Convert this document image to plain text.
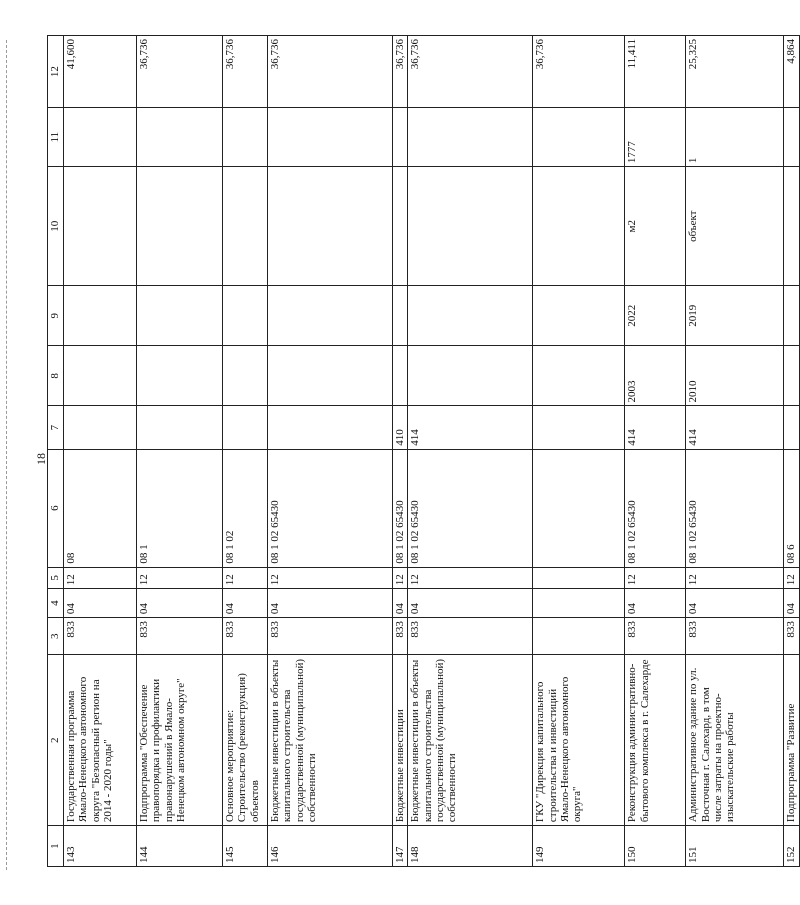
18
1	2	3	4	5	6	7	8	9	10	11	12
143	Государственная программа Ямало-Ненецкого автономного округа "Безопасный регион на 2014 - 2020 годы"	833	04	12	08						41,600
144	Подпрограмма "Обеспечение правопорядка и профилактики правонарушений в Ямало-Ненецком автономном округе"	833	04	12	08 1						36,736
145	Основное мероприятие: Строительство (реконструкция) объектов	833	04	12	08 1 02						36,736
146	Бюджетные инвестиции в объекты капитального строительства государственной (муниципальной) собственности	833	04	12	08 1 02 65430						36,736
147	Бюджетные инвестиции	833	04	12	08 1 02 65430	410					36,736
148	Бюджетные инвестиции в объекты капитального строительства государственной (муниципальной) собственности	833	04	12	08 1 02 65430	414					36,736
149	ГКУ "Дирекция капитального строительства и инвестиций Ямало-Ненецкого автономного округа"										36,736
150	Реконструкция административно-бытового комплекса в г. Салехарде	833	04	12	08 1 02 65430	414	2003	2022	м2	1777	11,411
151	Административное здание по ул. Восточная г. Салехард, в том числе затраты на проектно-изыскательские работы	833	04	12	08 1 02 65430	414	2010	2019	объект	1	25,325
152	Подпрограмма "Развитие	833	04	12	08 6						4,864
